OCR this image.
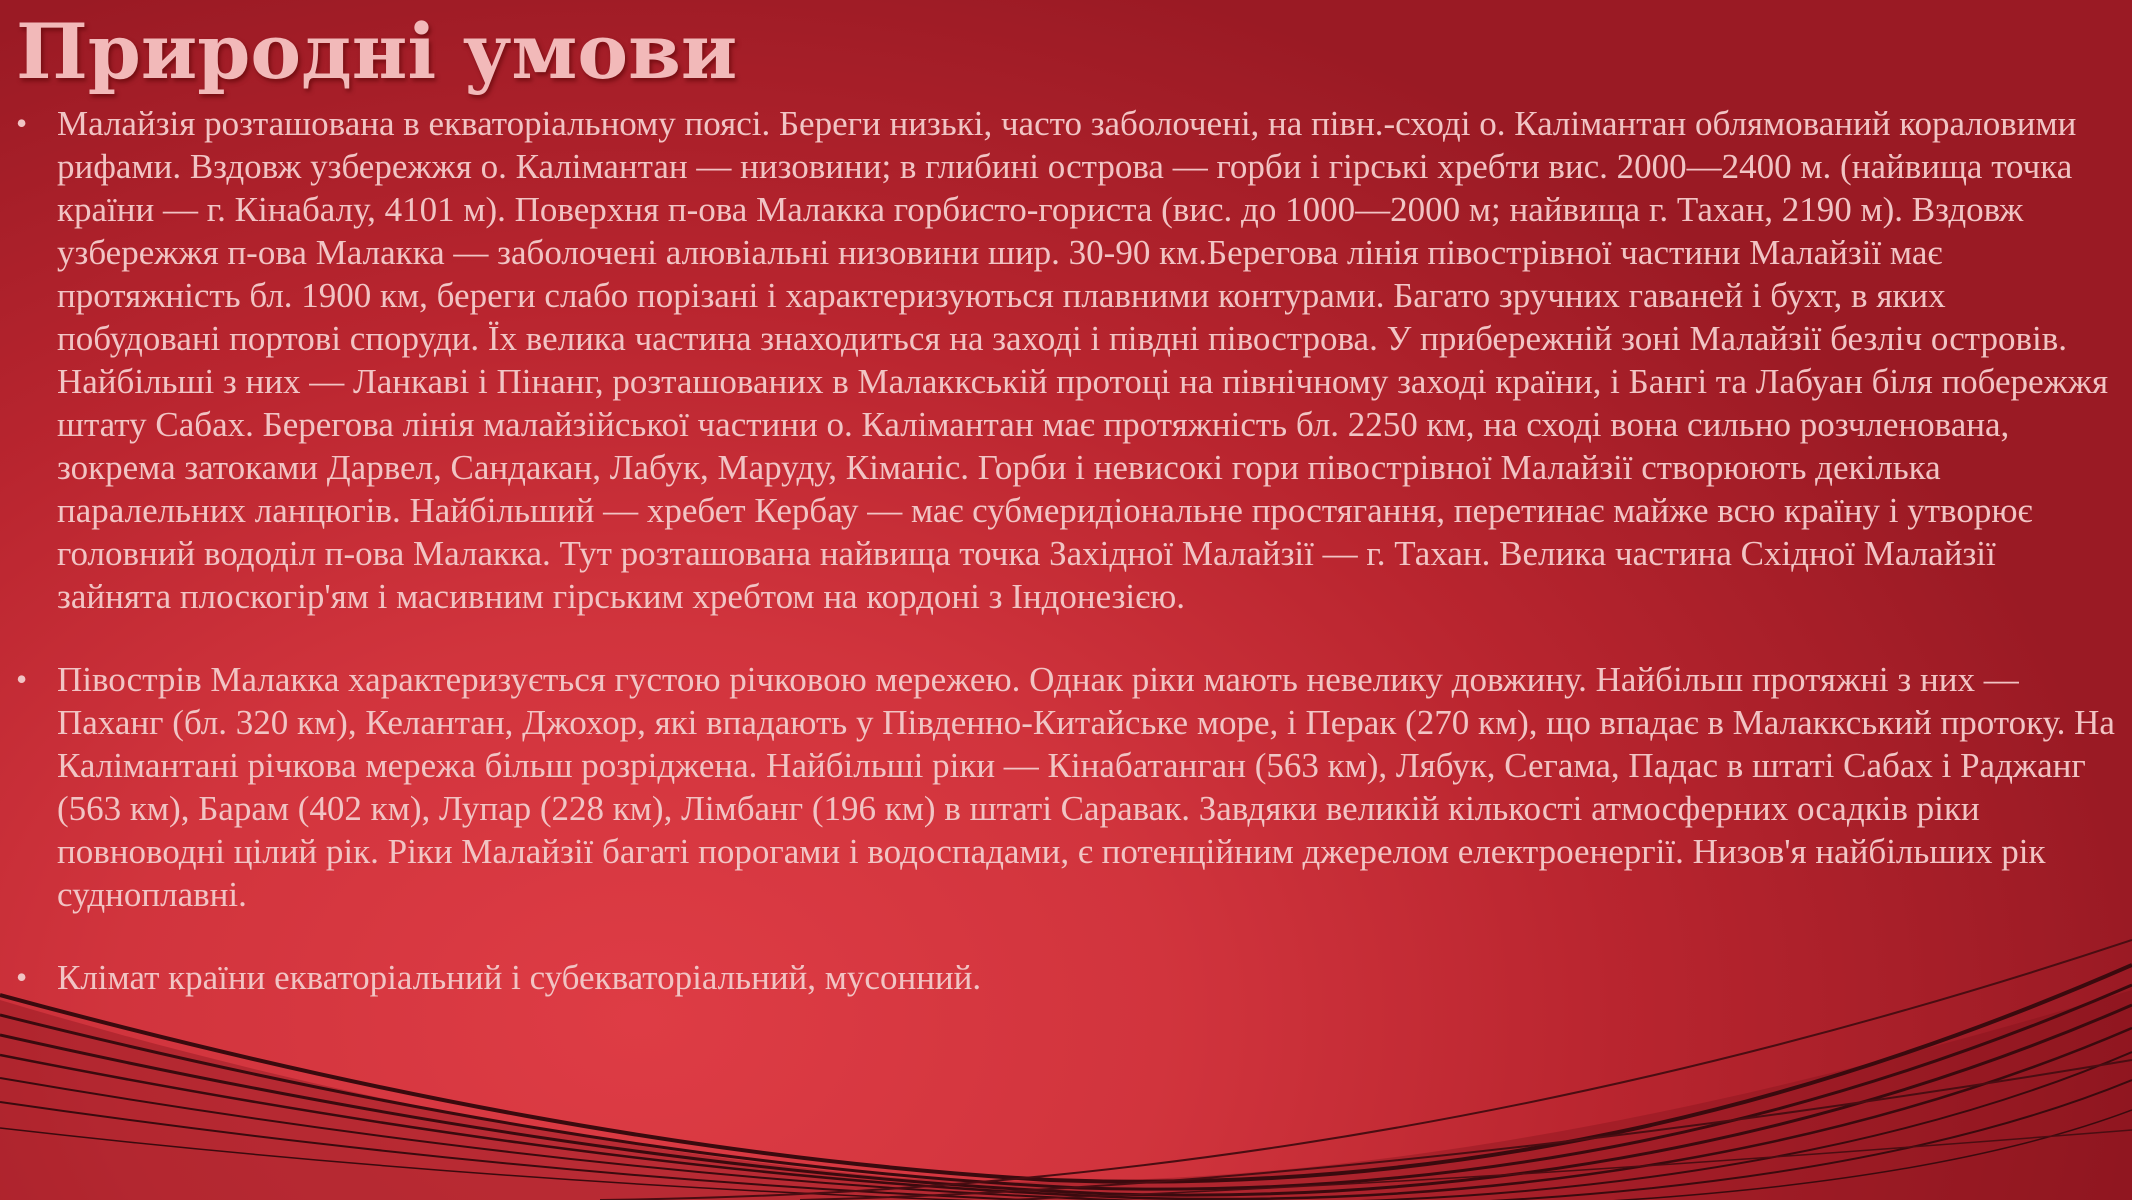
Природні умови

• Малайзія розташована в екваторіальному поясі. Береги низькі, часто заболочені, на півн.-сході о. Калімантан облямований кораловими рифами. Вздовж узбережжя о. Калімантан — низовини; в глибині острова — горби і гірські хребти вис. 2000—2400 м. (найвища точка країни — г. Кінабалу, 4101 м). Поверхня п-ова Малакка горбисто-гориста (вис. до 1000—2000 м; найвища г. Тахан, 2190 м). Вздовж узбережжя п-ова Малакка — заболочені алювіальні низовини шир. 30-90 км.Берегова лінія півострівної частини Малайзії має протяжність бл. 1900 км, береги слабо порізані і характеризуються плавними контурами. Багато зручних гаваней і бухт, в яких побудовані портові споруди. Їх велика частина знаходиться на заході і півдні півострова. У прибережній зоні Малайзії безліч островів. Найбільші з них — Ланкаві і Пінанг, розташованих в Малаккській протоці на північному заході країни, і Бангі та Лабуан біля побережжя штату Сабах. Берегова лінія малайзійської частини о. Калімантан має протяжність бл. 2250 км, на сході вона сильно розчленована, зокрема затоками Дарвел, Сандакан, Лабук, Маруду, Кіманіс. Горби і невисокі гори півострівної Малайзії створюють декілька паралельних ланцюгів. Найбільший — хребет Кербау — має субмеридіональне простягання, перетинає майже всю країну і утворює головний вододіл п-ова Малакка. Тут розташована найвища точка Західної Малайзії — г. Тахан. Велика частина Східної Малайзії зайнята плоскогір'ям і масивним гірським хребтом на кордоні з Індонезією.

• Півострів Малакка характеризується густою річковою мережею. Однак ріки мають невелику довжину. Найбільш протяжні з них — Паханг (бл. 320 км), Келантан, Джохор, які впадають у Південно-Китайське море, і Перак (270 км), що впадає в Малаккський протоку. На Калімантані річкова мережа більш розріджена. Найбільші ріки — Кінабатанган (563 км), Лябук, Сегама, Падас в штаті Сабах і Раджанг (563 км), Барам (402 км), Лупар (228 км), Лімбанг (196 км) в штаті Саравак. Завдяки великій кількості атмосферних осадків ріки повноводні цілий рік. Ріки Малайзії багаті порогами і водоспадами, є потенційним джерелом електроенергії. Низов'я найбільших рік судноплавні.

• Клімат країни екваторіальний і субекваторіальний, мусонний.
